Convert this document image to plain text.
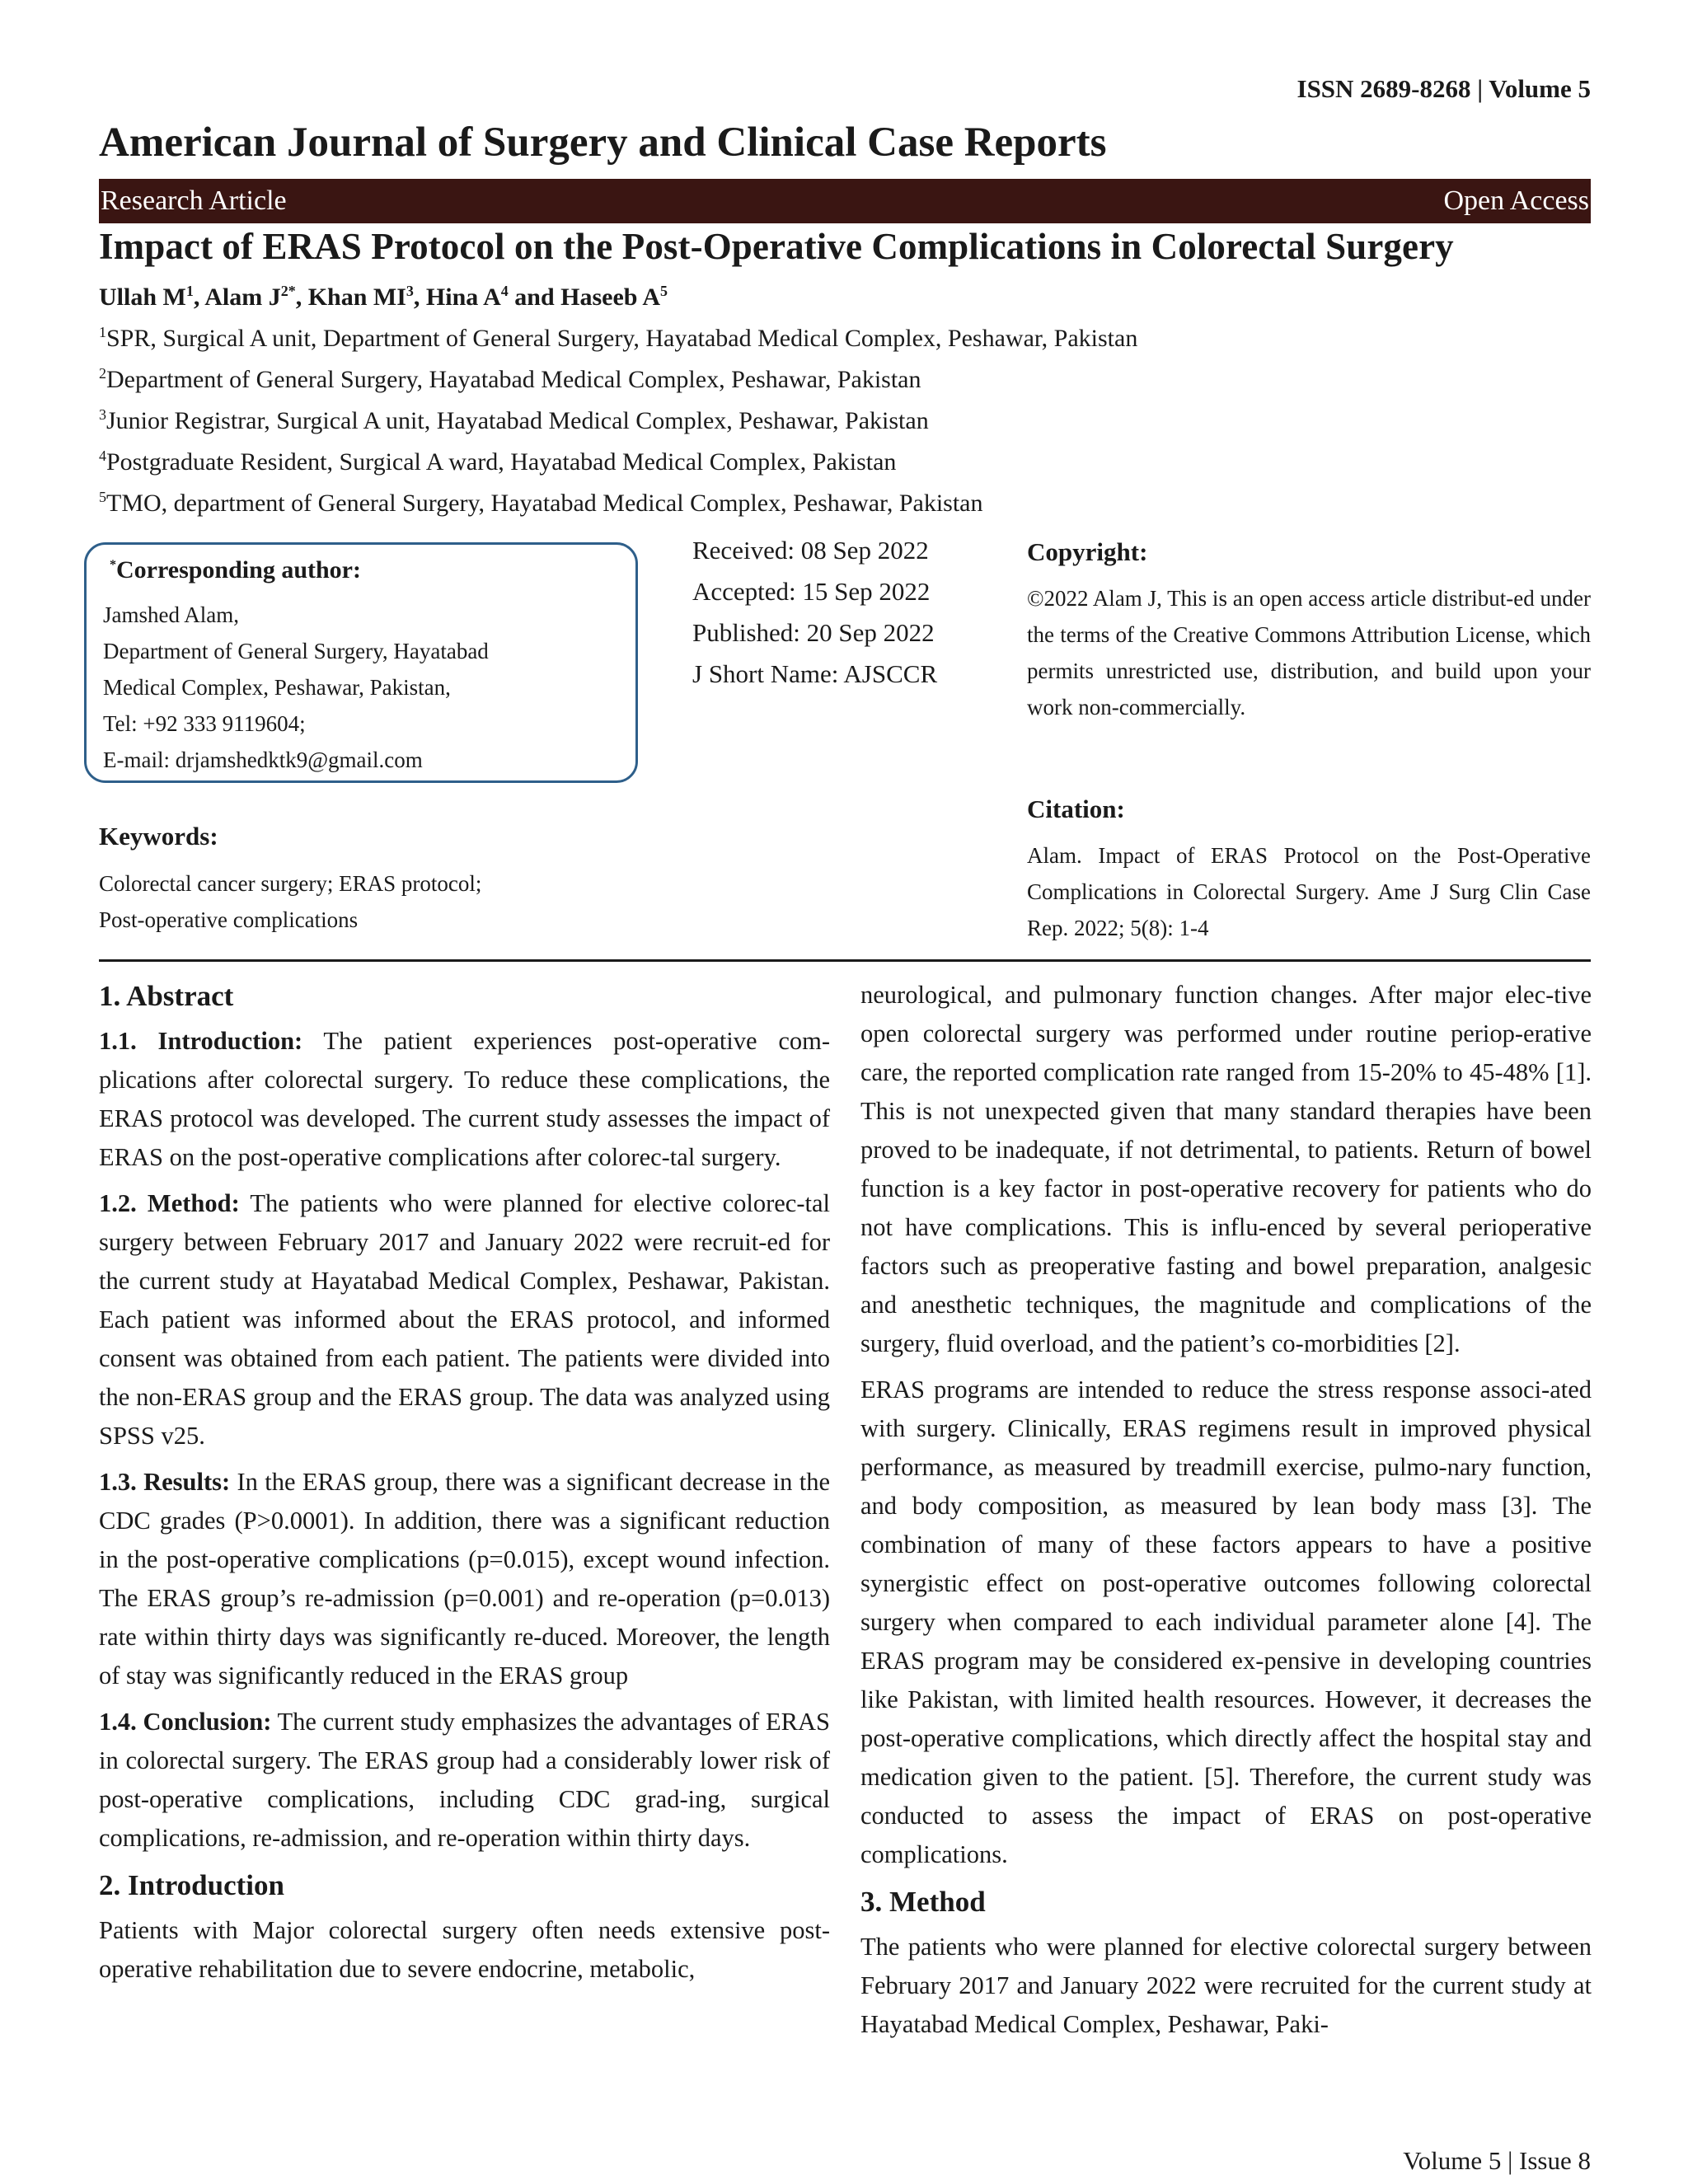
ISSN 2689-8268 | Volume 5
American Journal of Surgery and Clinical Case Reports
Research Article	Open Access
Impact of ERAS Protocol on the Post-Operative Complications in Colorectal Surgery
Ullah $M^1$, Alam $J^{2*}$, Khan $MI^3$, Hina $A^4$ and Haseeb $A^5$
$^1$SPR, Surgical A unit, Department of General Surgery, Hayatabad Medical Complex, Peshawar, Pakistan
$^2$Department of General Surgery, Hayatabad Medical Complex, Peshawar, Pakistan
$^3$Junior Registrar, Surgical A unit, Hayatabad Medical Complex, Peshawar, Pakistan
$^4$Postgraduate Resident, Surgical A ward, Hayatabad Medical Complex, Pakistan
$^5$TMO, department of General Surgery, Hayatabad Medical Complex, Peshawar, Pakistan
*Corresponding author:
Jamshed Alam,
Department of General Surgery, Hayatabad
Medical Complex, Peshawar, Pakistan,
Tel: +92 333 9119604;
E-mail: drjamshedktk9@gmail.com
Received: 08 Sep 2022
Accepted: 15 Sep 2022
Published: 20 Sep 2022
J Short Name: AJSCCR
Copyright:
©2022 Alam J, This is an open access article distribut-ed under the terms of the Creative Commons Attribution License, which permits unrestricted use, distribution, and build upon your work non-commercially.
Keywords:
Colorectal cancer surgery; ERAS protocol;
Post-operative complications
Citation:
Alam. Impact of ERAS Protocol on the Post-Operative Complications in Colorectal Surgery. Ame J Surg Clin Case Rep. 2022; 5(8): 1-4
1. Abstract

1.1. Introduction: The patient experiences post-operative com-plications after colorectal surgery. To reduce these complications, the ERAS protocol was developed. The current study assesses the impact of ERAS on the post-operative complications after colorec-tal surgery.

1.2. Method: The patients who were planned for elective colorec-tal surgery between February 2017 and January 2022 were recruit-ed for the current study at Hayatabad Medical Complex, Peshawar, Pakistan. Each patient was informed about the ERAS protocol, and informed consent was obtained from each patient. The patients were divided into the non-ERAS group and the ERAS group. The data was analyzed using SPSS v25.

1.3. Results: In the ERAS group, there was a significant decrease in the CDC grades (P>0.0001). In addition, there was a significant reduction in the post-operative complications (p=0.015), except wound infection. The ERAS group’s re-admission (p=0.001) and re-operation (p=0.013) rate within thirty days was significantly re-duced. Moreover, the length of stay was significantly reduced in the ERAS group

1.4. Conclusion: The current study emphasizes the advantages of ERAS in colorectal surgery. The ERAS group had a considerably lower risk of post-operative complications, including CDC grad-ing, surgical complications, re-admission, and re-operation within thirty days.

2. Introduction

Patients with Major colorectal surgery often needs extensive post-operative rehabilitation due to severe endocrine, metabolic,

neurological, and pulmonary function changes. After major elec-tive open colorectal surgery was performed under routine periop-erative care, the reported complication rate ranged from 15-20% to 45-48% [1]. This is not unexpected given that many standard therapies have been proved to be inadequate, if not detrimental, to patients. Return of bowel function is a key factor in post-operative recovery for patients who do not have complications. This is influ-enced by several perioperative factors such as preoperative fasting and bowel preparation, analgesic and anesthetic techniques, the magnitude and complications of the surgery, fluid overload, and the patient’s co-morbidities [2].

ERAS programs are intended to reduce the stress response associ-ated with surgery. Clinically, ERAS regimens result in improved physical performance, as measured by treadmill exercise, pulmo-nary function, and body composition, as measured by lean body mass [3]. The combination of many of these factors appears to have a positive synergistic effect on post-operative outcomes following colorectal surgery when compared to each individual parameter alone [4]. The ERAS program may be considered ex-pensive in developing countries like Pakistan, with limited health resources. However, it decreases the post-operative complications, which directly affect the hospital stay and medication given to the patient. [5]. Therefore, the current study was conducted to assess the impact of ERAS on post-operative complications.

3. Method

The patients who were planned for elective colorectal surgery between February 2017 and January 2022 were recruited for the current study at Hayatabad Medical Complex, Peshawar, Paki-

Volume 5 | Issue 8
